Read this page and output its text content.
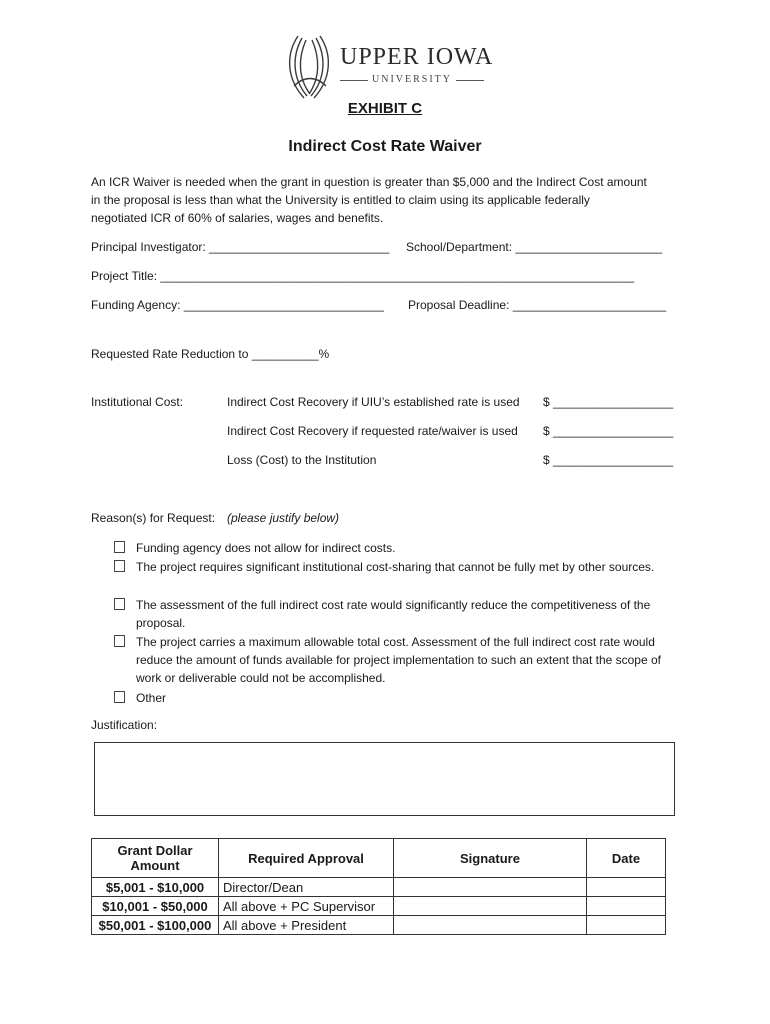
UPPER IOWA
UNIVERSITY
EXHIBIT C
Indirect Cost Rate Waiver
An ICR Waiver is needed when the grant in question is greater than $5,000 and the Indirect Cost amount
in the proposal is less than what the University is entitled to claim using its applicable federally
negotiated ICR of 60% of salaries, wages and benefits.
Principal Investigator: ___________________________ School/Department: ______________________
Project Title: _______________________________________________________________________
Funding Agency: ______________________________ Proposal Deadline: _______________________
Requested Rate Reduction to __________%
Institutional Cost:	Indirect Cost Recovery if UIU’s established rate is used $ __________________
Indirect Cost Recovery if requested rate/waiver is used $ __________________
Loss (Cost) to the Institution	$ __________________
Reason(s) for Request: (please justify below)
Funding agency does not allow for indirect costs.
The project requires significant institutional cost-sharing that cannot be fully met by other sources.
The assessment of the full indirect cost rate would significantly reduce the competitiveness of the proposal.
The project carries a maximum allowable total cost. Assessment of the full indirect cost rate would reduce the amount of funds available for project implementation to such an extent that the scope of work or deliverable could not be accomplished.
Other
Justification:
Grant Dollar Amount	Required Approval	Signature	Date
$5,001 - $10,000	Director/Dean		
$10,001 - $50,000	All above + PC Supervisor		
$50,001 - $100,000	All above + President		
